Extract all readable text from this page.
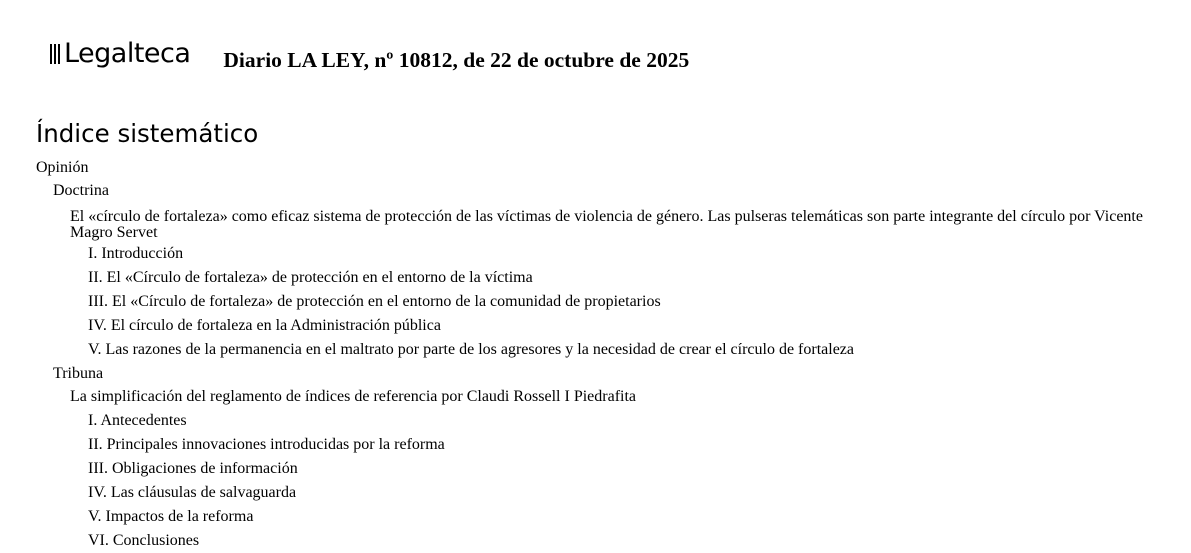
Legalteca Diario LA LEY, nº 10812, de 22 de octubre de 2025
Índice sistemático
Opinión
Doctrina
El «círculo de fortaleza» como eficaz sistema de protección de las víctimas de violencia de género. Las pulseras telemáticas son parte integrante del círculo por Vicente Magro Servet
I. Introducción
II. El «Círculo de fortaleza» de protección en el entorno de la víctima
III. El «Círculo de fortaleza» de protección en el entorno de la comunidad de propietarios
IV. El círculo de fortaleza en la Administración pública
V. Las razones de la permanencia en el maltrato por parte de los agresores y la necesidad de crear el círculo de fortaleza
Tribuna
La simplificación del reglamento de índices de referencia por Claudi Rossell I Piedrafita
I. Antecedentes
II. Principales innovaciones introducidas por la reforma
III. Obligaciones de información
IV. Las cláusulas de salvaguarda
V. Impactos de la reforma
VI. Conclusiones
